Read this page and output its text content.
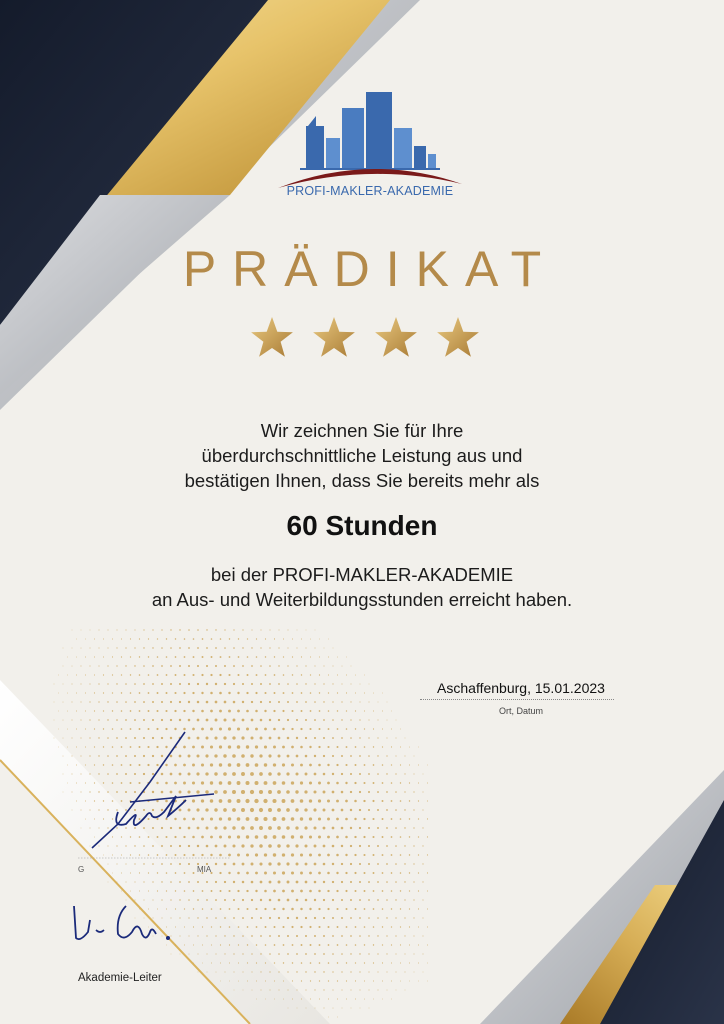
PROFI-MAKLER-AKADEMIE
PRÄDIKAT
Wir zeichnen Sie für Ihre
überdurchschnittliche Leistung aus und
bestätigen Ihnen, dass Sie bereits mehr als
60 Stunden
bei der PROFI-MAKLER-AKADEMIE
an Aus- und Weiterbildungsstunden erreicht haben.
Aschaffenburg, 15.01.2023
Ort, Datum
G	MIA
Akademie-Leiter
